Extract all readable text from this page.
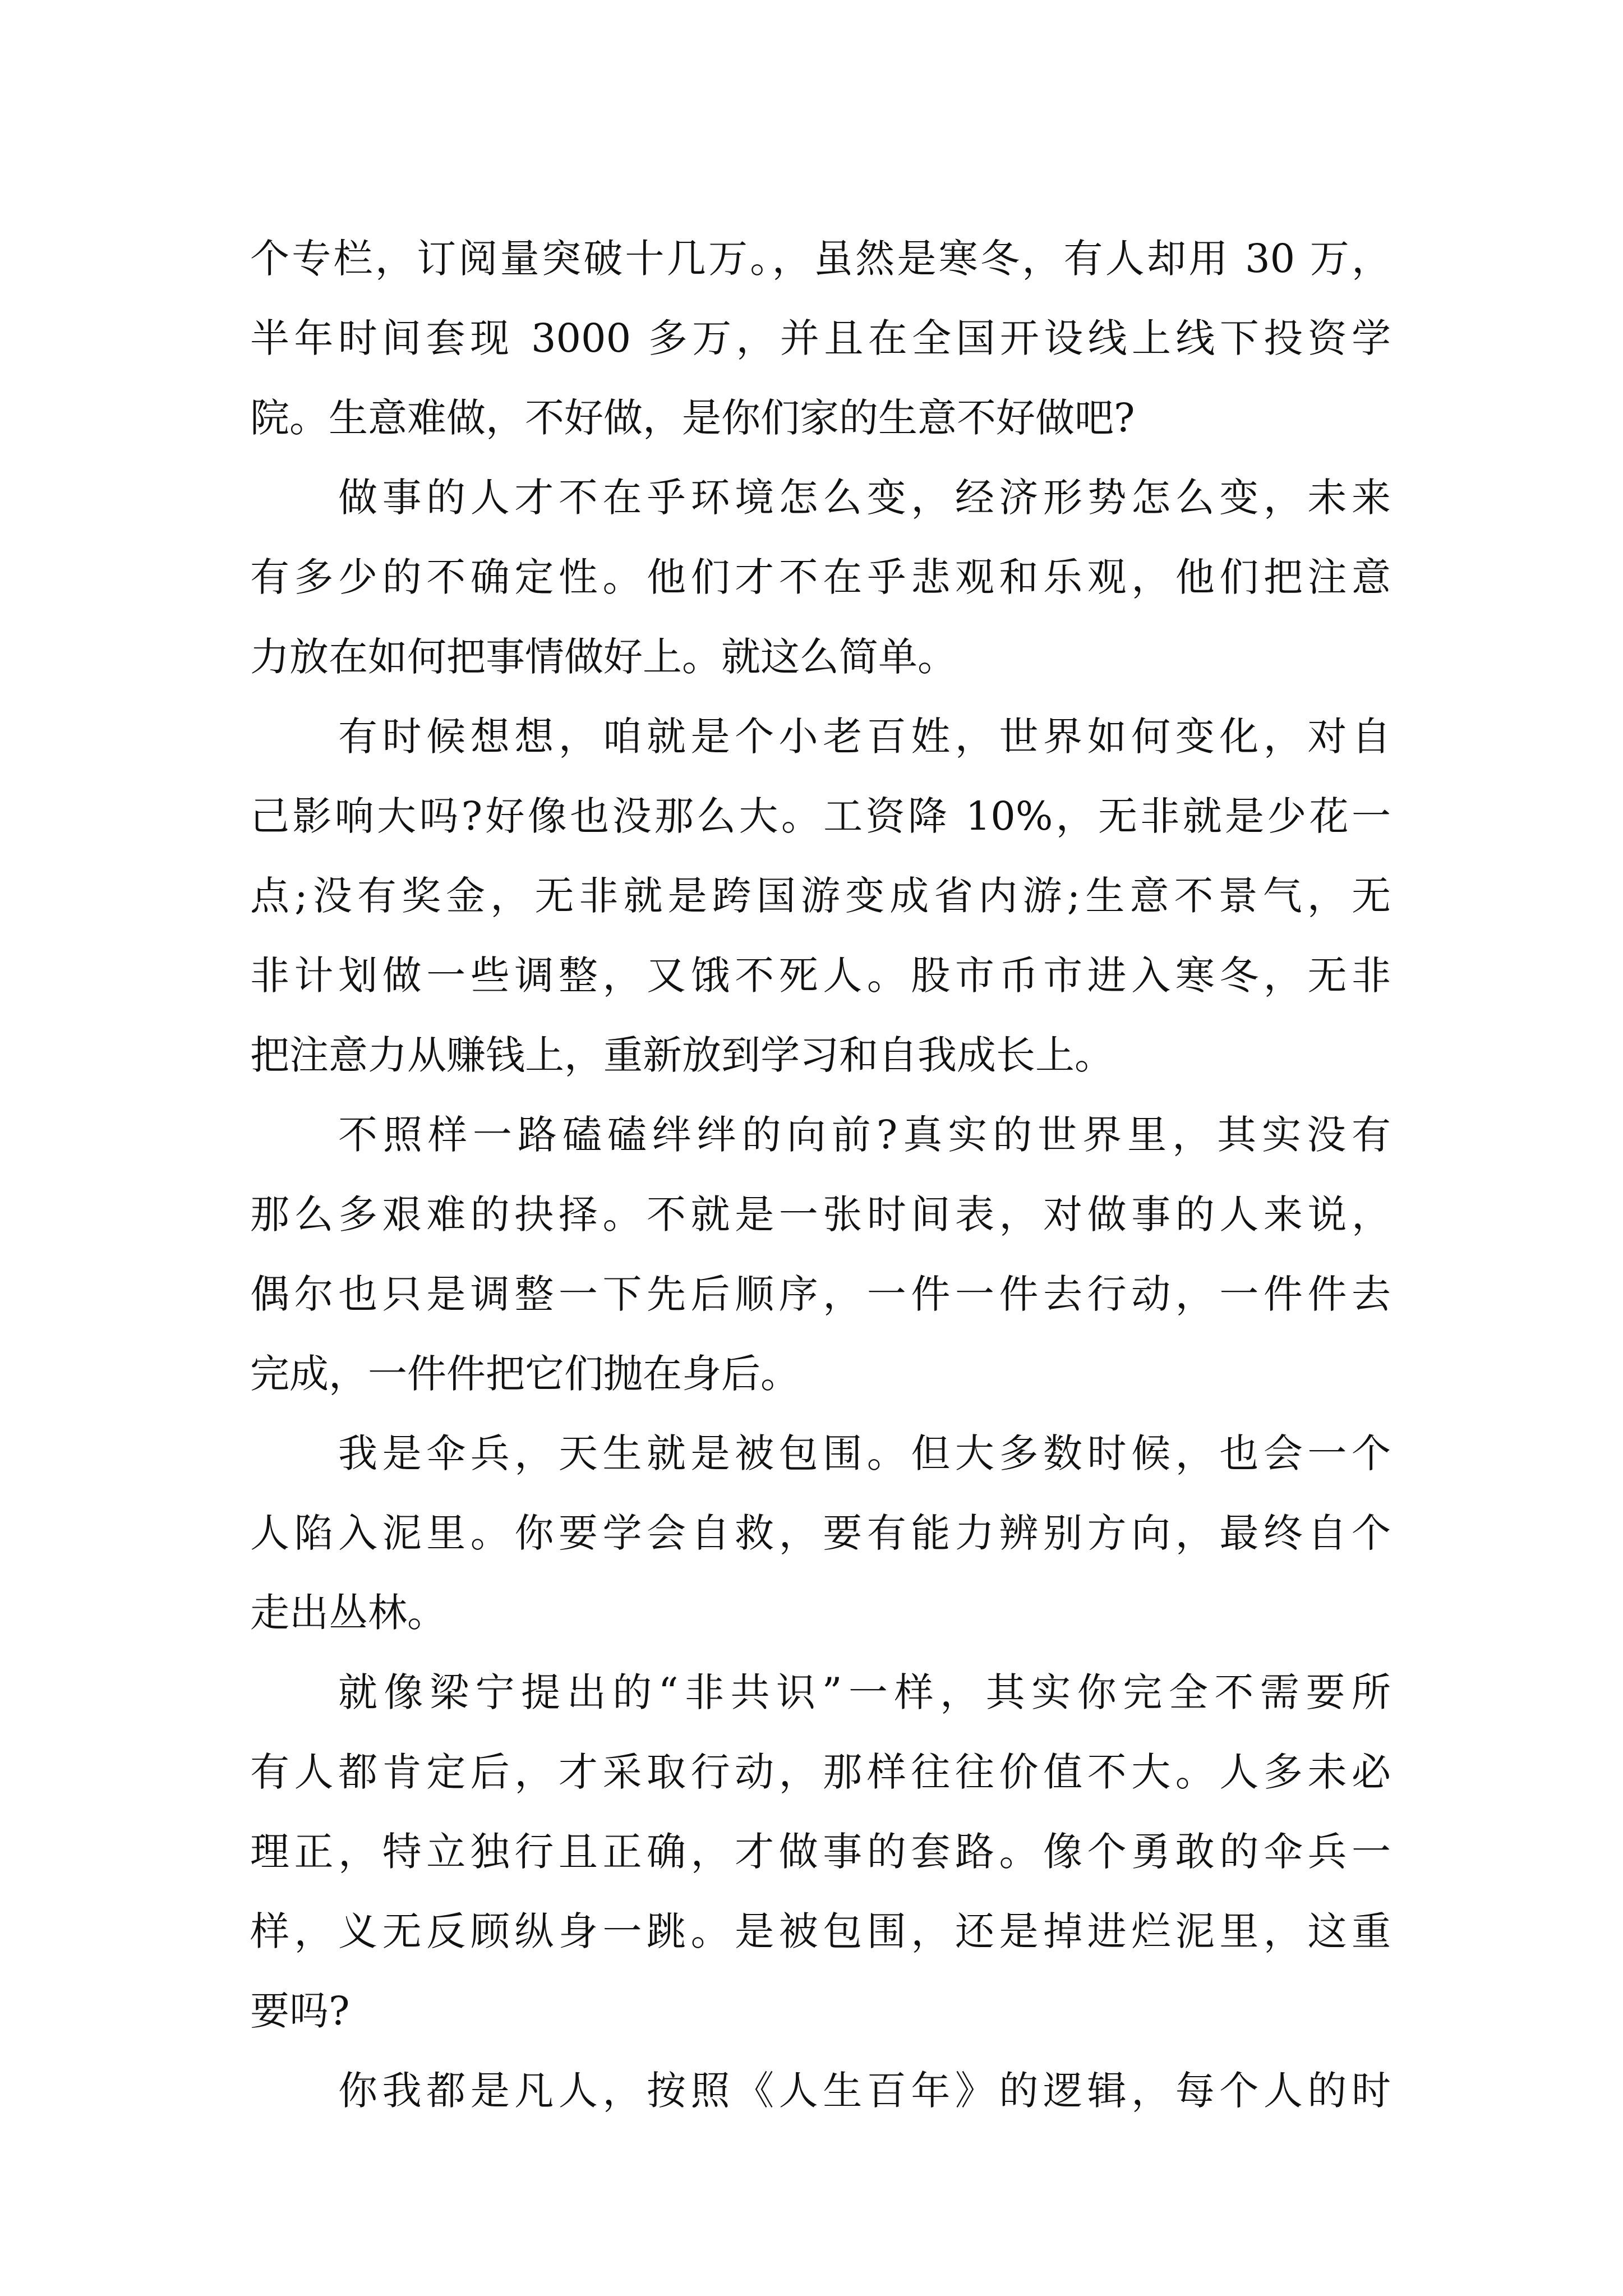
个专栏，订阅量突破十几万。，虽然是寒冬，有人却用 30 万，
半年时间套现 3000 多万，并且在全国开设线上线下投资学
院。生意难做，不好做，是你们家的生意不好做吧?
做事的人才不在乎环境怎么变，经济形势怎么变，未来
有多少的不确定性。他们才不在乎悲观和乐观，他们把注意
力放在如何把事情做好上。就这么简单。
有时候想想，咱就是个小老百姓，世界如何变化，对自
己影响大吗?好像也没那么大。工资降 10%，无非就是少花一
点;没有奖金，无非就是跨国游变成省内游;生意不景气，无
非计划做一些调整，又饿不死人。股市币市进入寒冬，无非
把注意力从赚钱上，重新放到学习和自我成长上。
不照样一路磕磕绊绊的向前?真实的世界里，其实没有
那么多艰难的抉择。不就是一张时间表，对做事的人来说，
偶尔也只是调整一下先后顺序，一件一件去行动，一件件去
完成，一件件把它们抛在身后。
我是伞兵，天生就是被包围。但大多数时候，也会一个
人陷入泥里。你要学会自救，要有能力辨别方向，最终自个
走出丛林。
就像梁宁提出的“非共识”一样，其实你完全不需要所
有人都肯定后，才采取行动，那样往往价值不大。人多未必
理正，特立独行且正确，才做事的套路。像个勇敢的伞兵一
样，义无反顾纵身一跳。是被包围，还是掉进烂泥里，这重
要吗?
你我都是凡人，按照《人生百年》的逻辑，每个人的时
